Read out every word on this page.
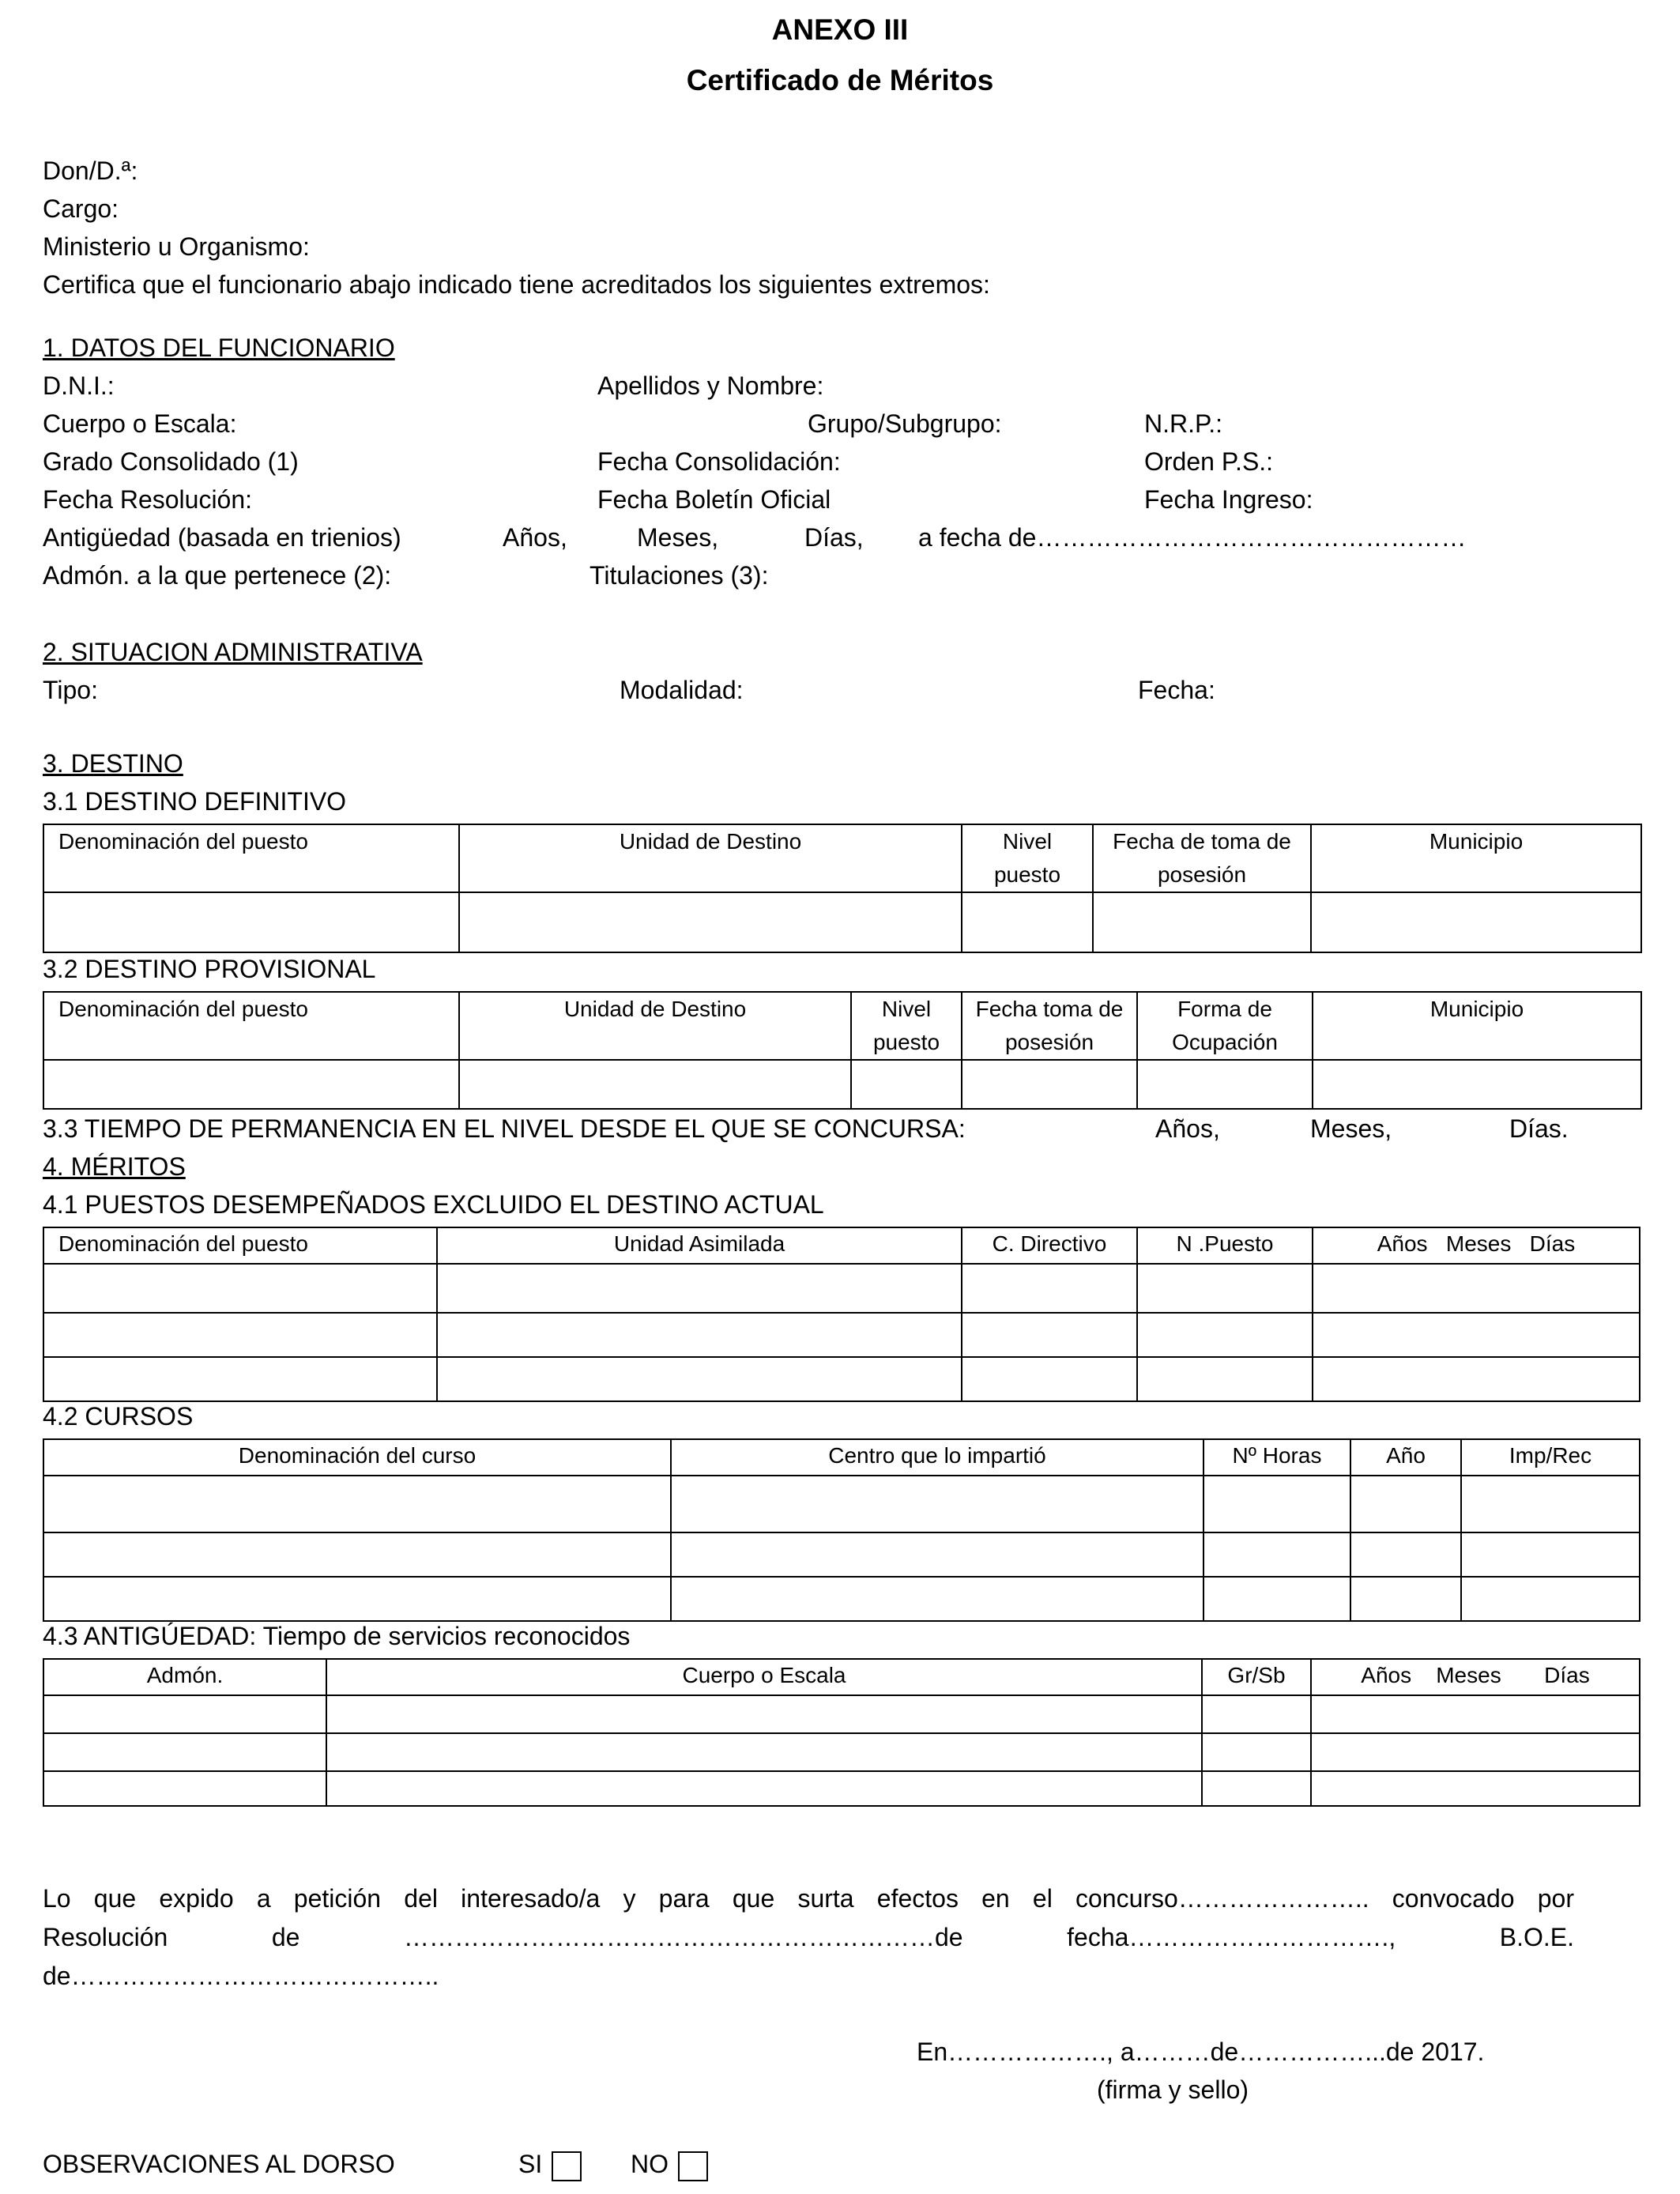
ANEXO III
Certificado de Méritos
Don/D.ª:
Cargo:
Ministerio u Organismo:
Certifica que el funcionario abajo indicado tiene acreditados los siguientes extremos:
1. DATOS DEL FUNCIONARIO
D.N.I.:	Apellidos y Nombre:
Cuerpo o Escala:	Grupo/Subgrupo:	N.R.P.:
Grado Consolidado (1)	Fecha Consolidación:	Orden P.S.:
Fecha Resolución:	Fecha Boletín Oficial	Fecha Ingreso:
Antigüedad (basada en trienios)	Años,	Meses,	Días, a fecha de……………………………………………
Admón. a la que pertenece (2):	Titulaciones (3):
2. SITUACION ADMINISTRATIVA
Tipo:	Modalidad:	Fecha:
3. DESTINO
3.1 DESTINO DEFINITIVO
Denominación del puesto	Unidad de Destino	Nivel puesto	Fecha de toma de posesión	Municipio

3.2 DESTINO PROVISIONAL
Denominación del puesto	Unidad de Destino	Nivel puesto	Fecha toma de posesión	Forma de Ocupación	Municipio

3.3 TIEMPO DE PERMANENCIA EN EL NIVEL DESDE EL QUE SE CONCURSA:	Años,	Meses,	Días.
4. MÉRITOS
4.1 PUESTOS DESEMPEÑADOS EXCLUIDO EL DESTINO ACTUAL
Denominación del puesto	Unidad Asimilada	C. Directivo	N .Puesto	Años   Meses   Días

4.2 CURSOS
Denominación del curso	Centro que lo impartió	Nº Horas	Año	Imp/Rec

4.3 ANTIGÚEDAD: Tiempo de servicios reconocidos
Admón.	Cuerpo o Escala	Gr/Sb	Años    Meses       Días

Lo que expido a petición del interesado/a y para que surta efectos en el concurso………………….. convocado por
Resolución de ………………………………………………………de fecha…………………………., B.O.E.
de……………………………………..
En………………., a………de……………...de 2017.
(firma y sello)
OBSERVACIONES AL DORSO	SI	NO
